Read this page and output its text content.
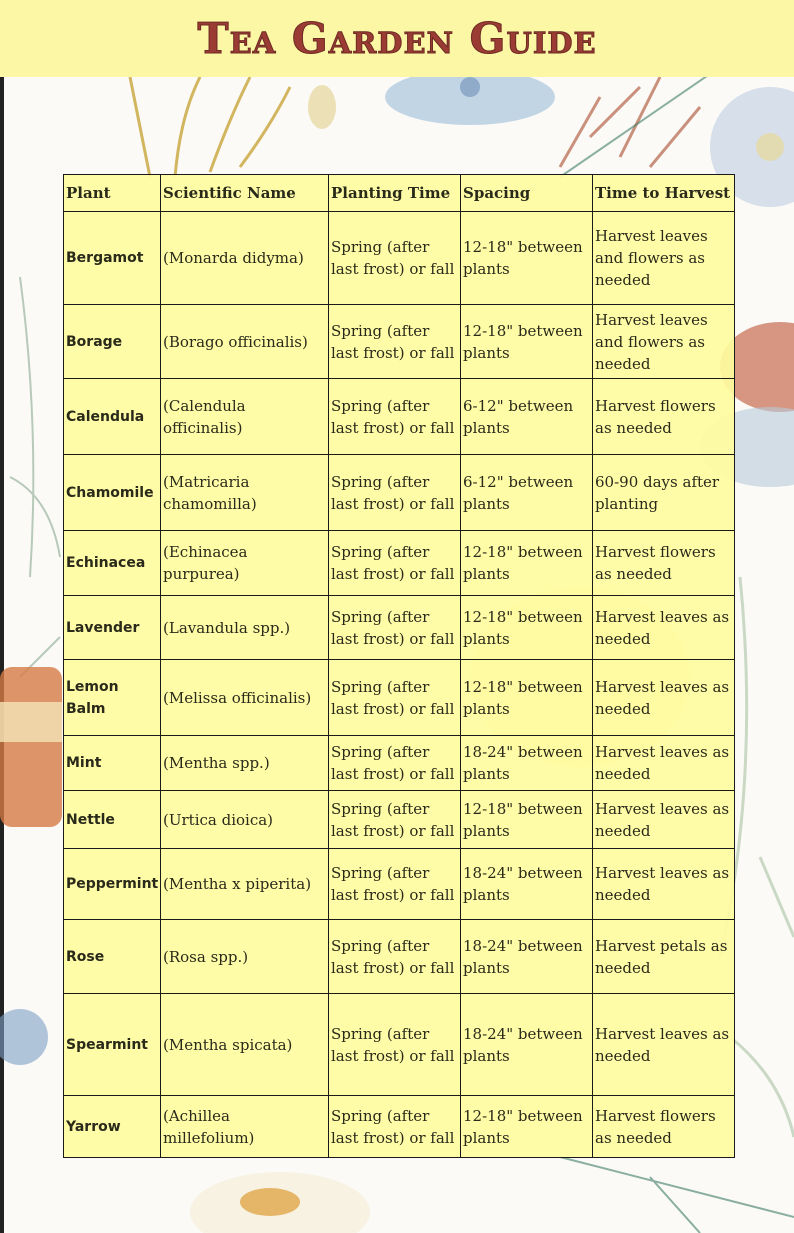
Tea Garden Guide
Plant	Scientific Name	Planting Time	Spacing	Time to Harvest
Bergamot	(Monarda didyma)	Spring (after last frost) or fall	12-18" between plants	Harvest leaves and flowers as needed
Borage	(Borago officinalis)	Spring (after last frost) or fall	12-18" between plants	Harvest leaves and flowers as needed
Calendula	(Calendula officinalis)	Spring (after last frost) or fall	6-12" between plants	Harvest flowers as needed
Chamomile	(Matricaria chamomilla)	Spring (after last frost) or fall	6-12" between plants	60-90 days after planting
Echinacea	(Echinacea purpurea)	Spring (after last frost) or fall	12-18" between plants	Harvest flowers as needed
Lavender	(Lavandula spp.)	Spring (after last frost) or fall	12-18" between plants	Harvest leaves as needed
Lemon Balm	(Melissa officinalis)	Spring (after last frost) or fall	12-18" between plants	Harvest leaves as needed
Mint	(Mentha spp.)	Spring (after last frost) or fall	18-24" between plants	Harvest leaves as needed
Nettle	(Urtica dioica)	Spring (after last frost) or fall	12-18" between plants	Harvest leaves as needed
Peppermint	(Mentha x piperita)	Spring (after last frost) or fall	18-24" between plants	Harvest leaves as needed
Rose	(Rosa spp.)	Spring (after last frost) or fall	18-24" between plants	Harvest petals as needed
Spearmint	(Mentha spicata)	Spring (after last frost) or fall	18-24" between plants	Harvest leaves as needed
Yarrow	(Achillea millefolium)	Spring (after last frost) or fall	12-18" between plants	Harvest flowers as needed
